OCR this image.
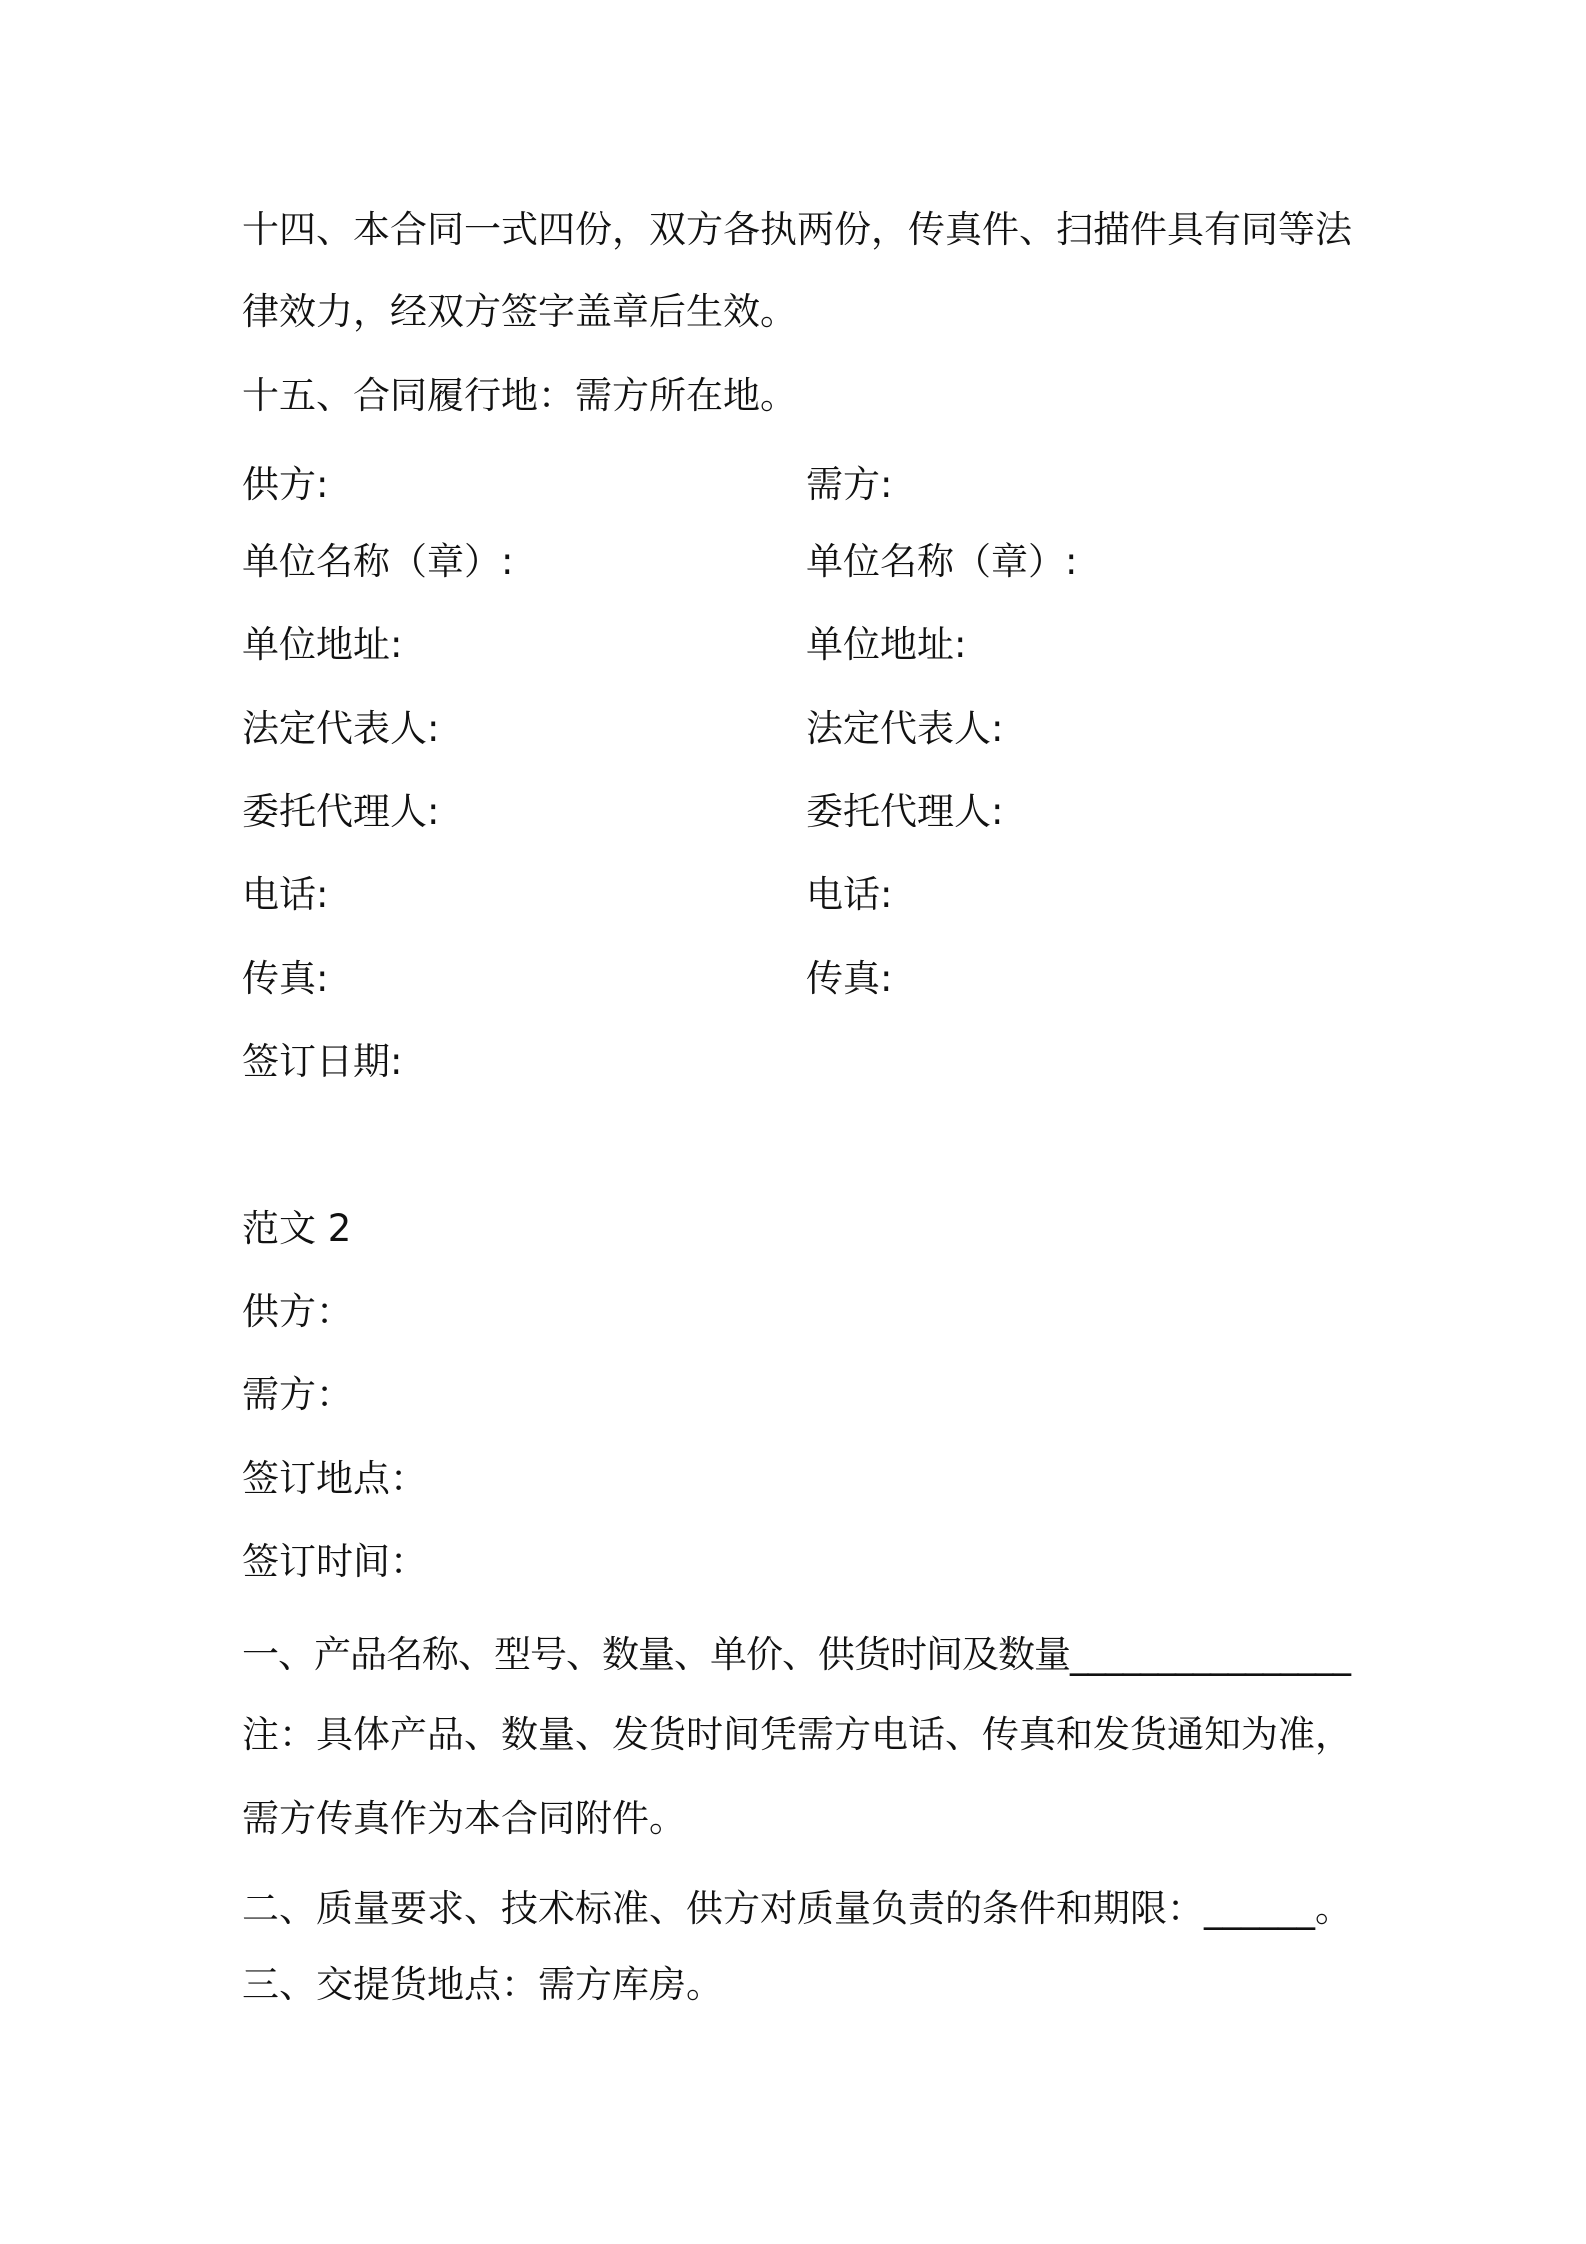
十四、本合同一式四份，双方各执两份，传真件、扫描件具有同等法
律效力，经双方签字盖章后生效。
十五、合同履行地：需方所在地。
供方:	需方:
单位名称（章）:	单位名称（章）:
单位地址:	单位地址:
法定代表人:	法定代表人:
委托代理人:	委托代理人:
电话:	电话:
传真:	传真:
签订日期:
范文 2
供方：
需方：
签订地点：
签订时间：
一、产品名称、型号、数量、单价、供货时间及数量________________
注：具体产品、数量、发货时间凭需方电话、传真和发货通知为准，
需方传真作为本合同附件。
二、质量要求、技术标准、供方对质量负责的条件和期限：______。
三、交提货地点：需方库房。
